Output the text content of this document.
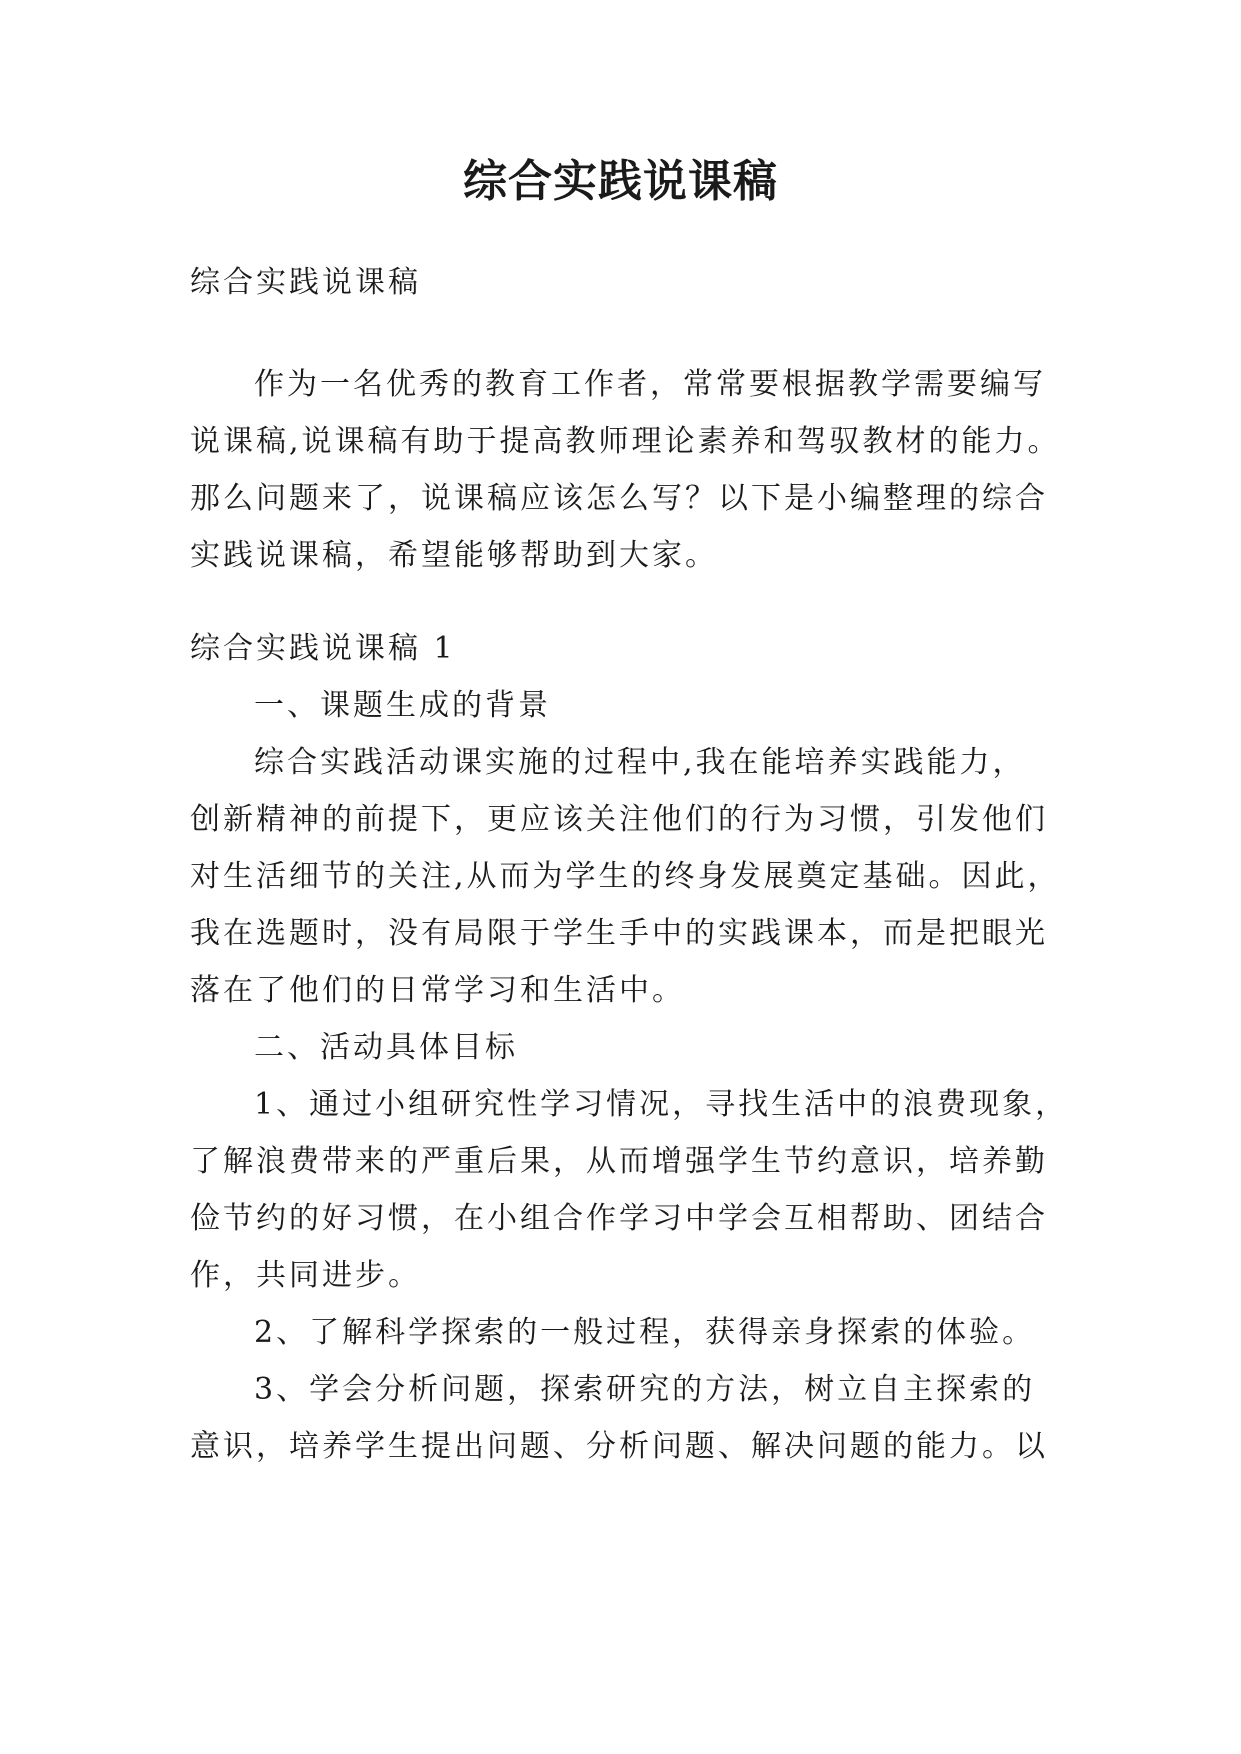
综合实践说课稿

综合实践说课稿

作为一名优秀的教育工作者，常常要根据教学需要编写

说课稿,说课稿有助于提高教师理论素养和驾驭教材的能力。

那么问题来了，说课稿应该怎么写？以下是小编整理的综合

实践说课稿，希望能够帮助到大家。

综合实践说课稿 1

一、课题生成的背景

综合实践活动课实施的过程中,我在能培养实践能力，

创新精神的前提下，更应该关注他们的行为习惯，引发他们

对生活细节的关注,从而为学生的终身发展奠定基础。因此，

我在选题时，没有局限于学生手中的实践课本，而是把眼光

落在了他们的日常学习和生活中。

二、活动具体目标

1、通过小组研究性学习情况，寻找生活中的浪费现象，

了解浪费带来的严重后果，从而增强学生节约意识，培养勤

俭节约的好习惯，在小组合作学习中学会互相帮助、团结合

作，共同进步。

2、了解科学探索的一般过程，获得亲身探索的体验。

3、学会分析问题，探索研究的方法，树立自主探索的

意识，培养学生提出问题、分析问题、解决问题的能力。以
